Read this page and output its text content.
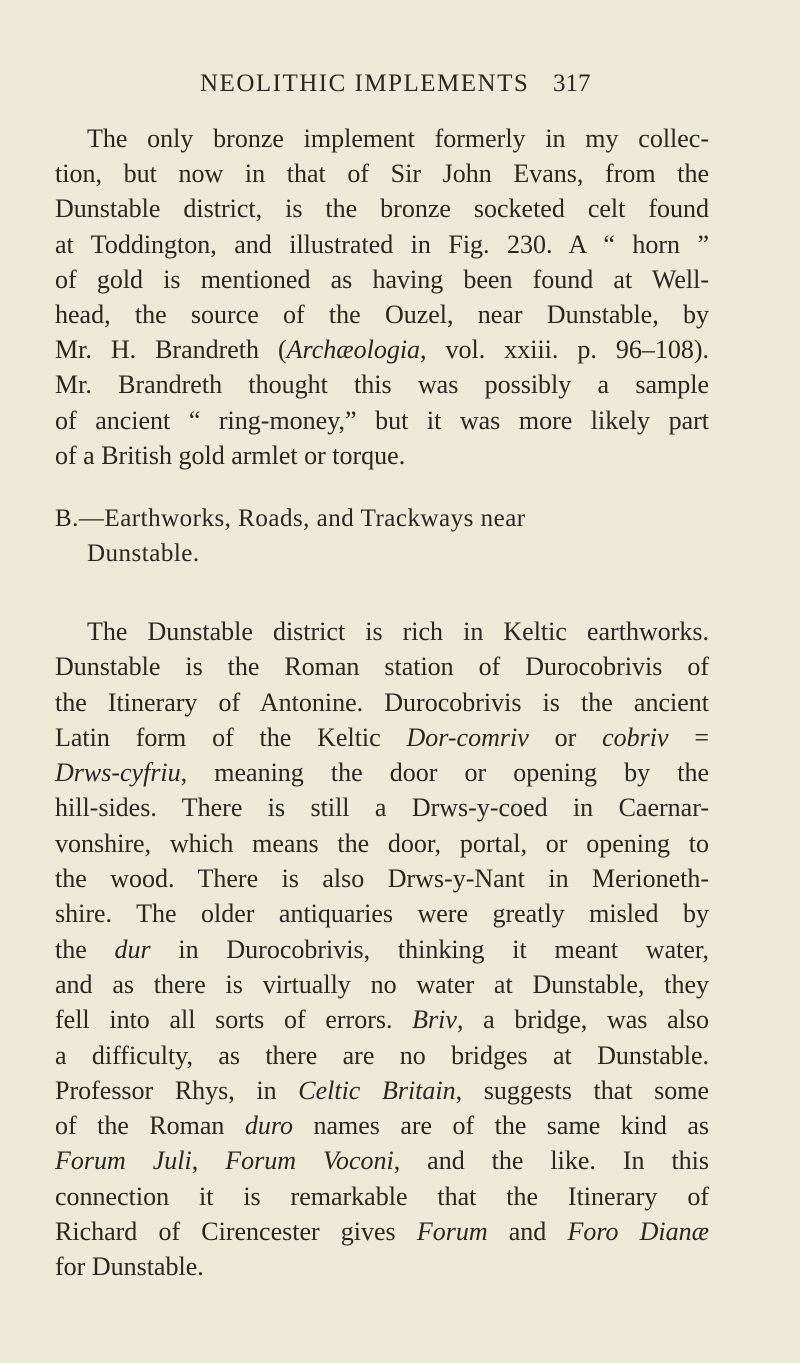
NEOLITHIC IMPLEMENTS 317

The only bronze implement formerly in my collec-
tion, but now in that of Sir John Evans, from the
Dunstable district, is the bronze socketed celt found
at Toddington, and illustrated in Fig. 230. A “ horn ”
of gold is mentioned as having been found at Well-
head, the source of the Ouzel, near Dunstable, by
Mr. H. Brandreth (Archæologia, vol. xxiii. p. 96–108).
Mr. Brandreth thought this was possibly a sample
of ancient “ ring-money,” but it was more likely part
of a British gold armlet or torque.

B.—Earthworks, Roads, and Trackways near
Dunstable.

The Dunstable district is rich in Keltic earthworks.
Dunstable is the Roman station of Durocobrivis of
the Itinerary of Antonine. Durocobrivis is the ancient
Latin form of the Keltic Dor-comriv or cobriv =
Drws-cyfriu, meaning the door or opening by the
hill-sides. There is still a Drws-y-coed in Caernar-
vonshire, which means the door, portal, or opening to
the wood. There is also Drws-y-Nant in Merioneth-
shire. The older antiquaries were greatly misled by
the dur in Durocobrivis, thinking it meant water,
and as there is virtually no water at Dunstable, they
fell into all sorts of errors. Briv, a bridge, was also
a difficulty, as there are no bridges at Dunstable.
Professor Rhys, in Celtic Britain, suggests that some
of the Roman duro names are of the same kind as
Forum Juli, Forum Voconi, and the like. In this
connection it is remarkable that the Itinerary of
Richard of Cirencester gives Forum and Foro Dianæ
for Dunstable.
